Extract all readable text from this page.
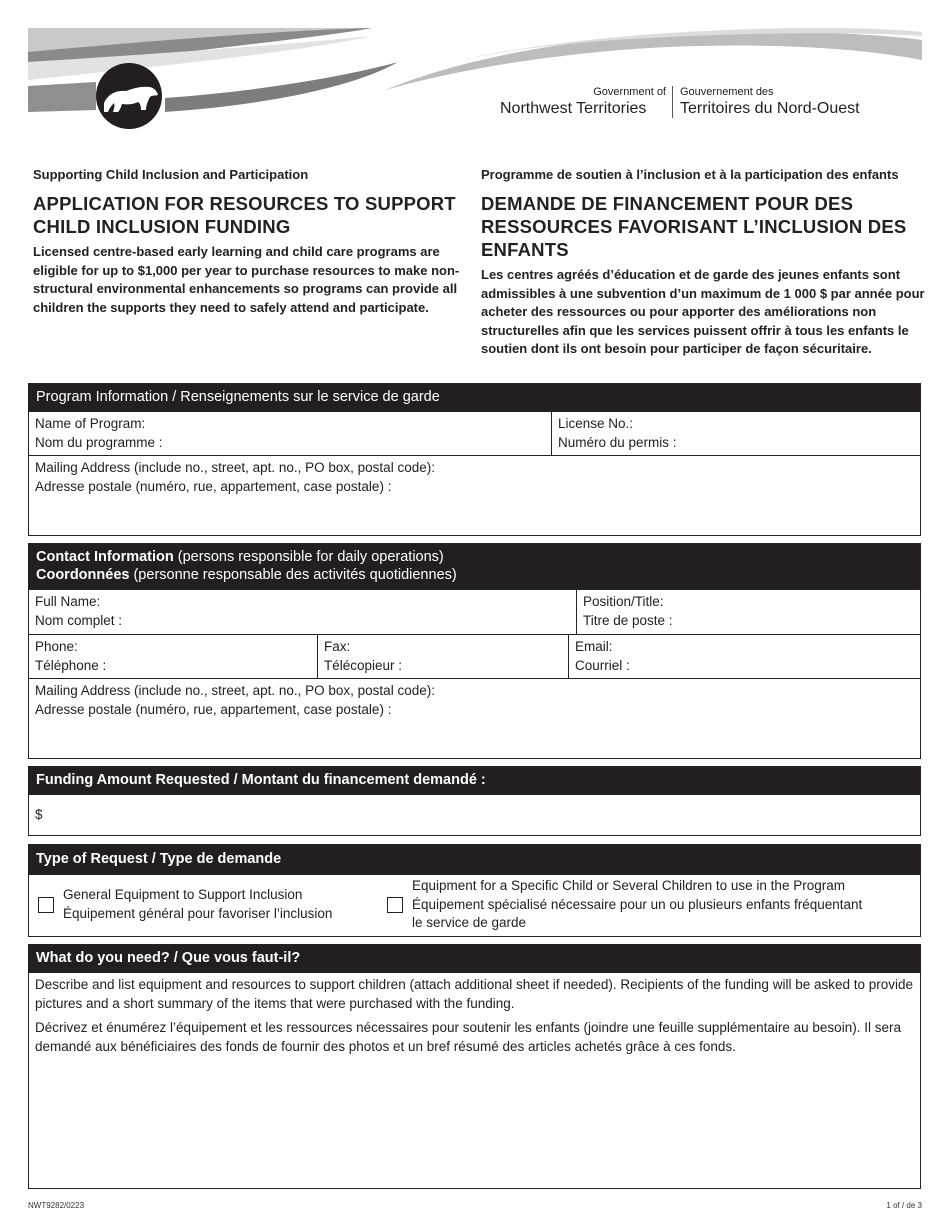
Government of
Northwest Territories
Gouvernement des
Territoires du Nord-Ouest
Supporting Child Inclusion and Participation
APPLICATION FOR RESOURCES TO SUPPORT
CHILD INCLUSION FUNDING
Licensed centre-based early learning and child care programs are eligible for up to $1,000 per year to purchase resources to make non-structural environmental enhancements so programs can provide all children the supports they need to safely attend and participate.
Programme de soutien à l’inclusion et à la participation des enfants
DEMANDE DE FINANCEMENT POUR DES
RESSOURCES FAVORISANT L’INCLUSION DES
ENFANTS
Les centres agréés d’éducation et de garde des jeunes enfants sont admissibles à une subvention d’un maximum de 1 000 $ par année pour acheter des ressources ou pour apporter des améliorations non structurelles afin que les services puissent offrir à tous les enfants le soutien dont ils ont besoin pour participer de façon sécuritaire.
Program Information / Renseignements sur le service de garde
Name of Program:
Nom du programme :
License No.:
Numéro du permis :
Mailing Address (include no., street, apt. no., PO box, postal code):
Adresse postale (numéro, rue, appartement, case postale) :
Contact Information (persons responsible for daily operations)
Coordonnées (personne responsable des activités quotidiennes)
Full Name:
Nom complet :
Position/Title:
Titre de poste :
Phone:
Téléphone :
Fax:
Télécopieur :
Email:
Courriel :
Mailing Address (include no., street, apt. no., PO box, postal code):
Adresse postale (numéro, rue, appartement, case postale) :
Funding Amount Requested / Montant du financement demandé :
$
Type of Request / Type de demande
General Equipment to Support Inclusion
Équipement général pour favoriser l’inclusion
Equipment for a Specific Child or Several Children to use in the Program
Équipement spécialisé nécessaire pour un ou plusieurs enfants fréquentant
le service de garde
What do you need? / Que vous faut-il?
Describe and list equipment and resources to support children (attach additional sheet if needed). Recipients of the funding will be asked to provide pictures and a short summary of the items that were purchased with the funding.
Décrivez et énumérez l’équipement et les ressources nécessaires pour soutenir les enfants (joindre une feuille supplémentaire au besoin). Il sera demandé aux bénéficiaires des fonds de fournir des photos et un bref résumé des articles achetés grâce à ces fonds.
NWT9282/0223	1 of / de 3
